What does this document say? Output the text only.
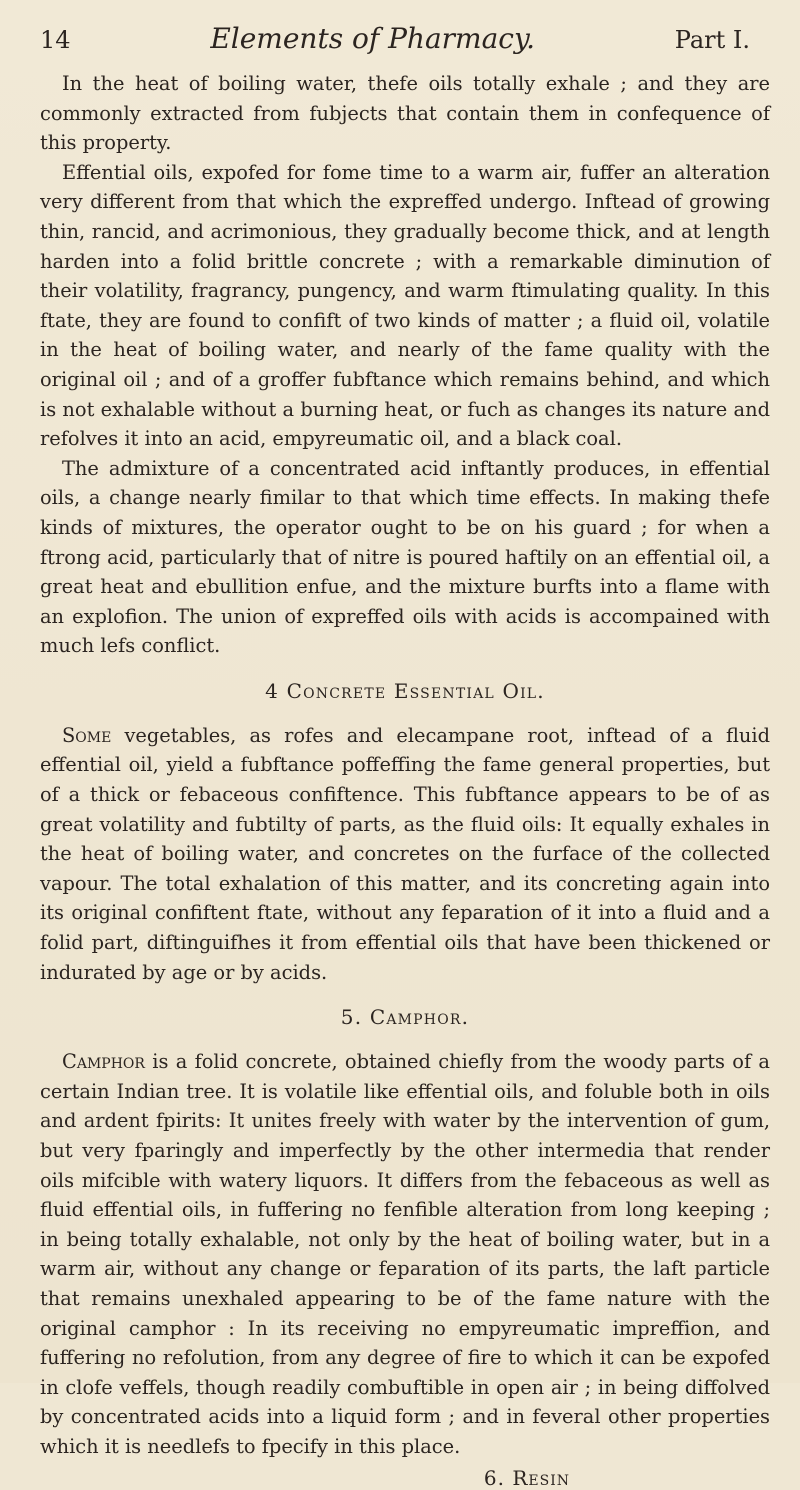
14	Elements of Pharmacy.	Part I.

In the heat of boiling water, thefe oils totally exhale ; and they are commonly extracted from fubjects that contain them in confequence of this property.

Effential oils, expofed for fome time to a warm air, fuffer an alteration very different from that which the expreffed undergo. Inftead of growing thin, rancid, and acrimonious, they gradually become thick, and at length harden into a folid brittle concrete ; with a remarkable diminution of their volatility, fragrancy, pungency, and warm ftimulating quality. In this ftate, they are found to confift of two kinds of matter ; a fluid oil, volatile in the heat of boiling water, and nearly of the fame quality with the original oil ; and of a groffer fubftance which remains behind, and which is not exhalable without a burning heat, or fuch as changes its nature and refolves it into an acid, empyreumatic oil, and a black coal.

The admixture of a concentrated acid inftantly produces, in effential oils, a change nearly fimilar to that which time effects. In making thefe kinds of mixtures, the operator ought to be on his guard ; for when a ftrong acid, particularly that of nitre is poured haftily on an effential oil, a great heat and ebullition enfue, and the mixture burfts into a flame with an explofion. The union of expreffed oils with acids is accompained with much lefs conflict.

4 Concrete Essential Oil.

Some vegetables, as rofes and elecampane root, inftead of a fluid effential oil, yield a fubftance poffeffing the fame general properties, but of a thick or febaceous confiftence. This fubftance appears to be of as great volatility and fubtilty of parts, as the fluid oils: It equally exhales in the heat of boiling water, and concretes on the furface of the collected vapour. The total exhalation of this matter, and its concreting again into its original confiftent ftate, without any feparation of it into a fluid and a folid part, diftinguifhes it from effential oils that have been thickened or indurated by age or by acids.

5. Camphor.

Camphor is a folid concrete, obtained chiefly from the woody parts of a certain Indian tree. It is volatile like effential oils, and foluble both in oils and ardent fpirits: It unites freely with water by the intervention of gum, but very fparingly and imperfectly by the other intermedia that render oils mifcible with watery liquors. It differs from the febaceous as well as fluid effential oils, in fuffering no fenfible alteration from long keeping ; in being totally exhalable, not only by the heat of boiling water, but in a warm air, without any change or feparation of its parts, the laft particle that remains unexhaled appearing to be of the fame nature with the original camphor : In its receiving no empyreumatic impreffion, and fuffering no refolution, from any degree of fire to which it can be expofed in clofe veffels, though readily combuftible in open air ; in being diffolved by concentrated acids into a liquid form ; and in feveral other properties which it is needlefs to fpecify in this place.

6. Resin
